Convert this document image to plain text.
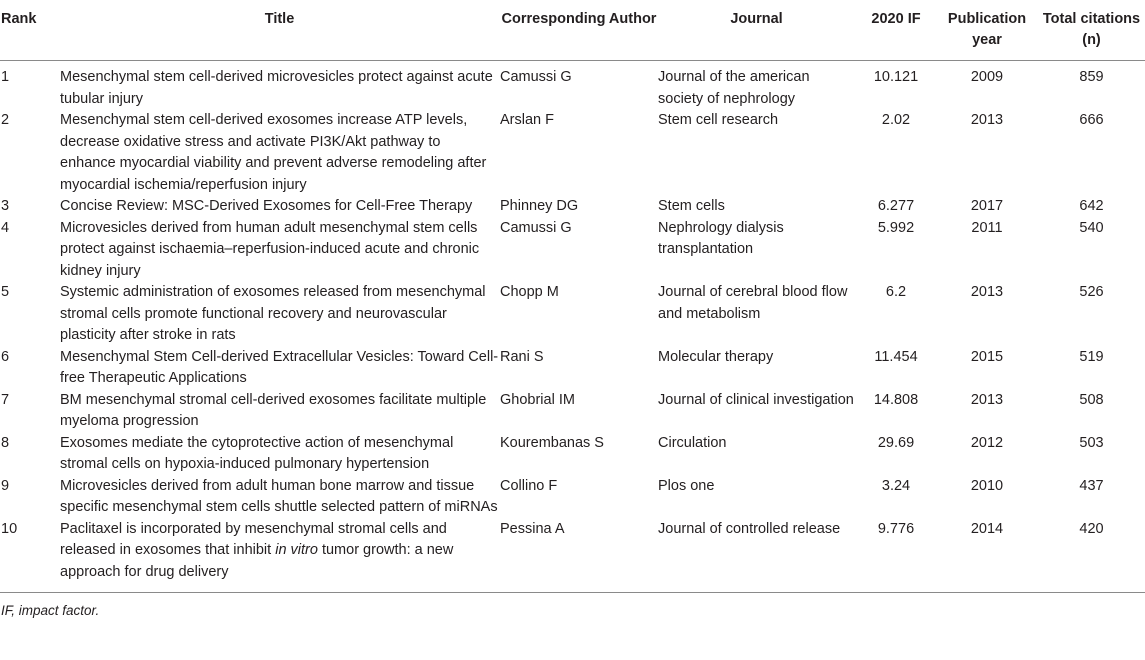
Rank	Title	Corresponding Author	Journal	2020 IF	Publication year	Total citations (n)
1	Mesenchymal stem cell-derived microvesicles protect against acute tubular injury	Camussi G	Journal of the american society of nephrology	10.121	2009	859
2	Mesenchymal stem cell-derived exosomes increase ATP levels, decrease oxidative stress and activate PI3K/Akt pathway to enhance myocardial viability and prevent adverse remodeling after myocardial ischemia/reperfusion injury	Arslan F	Stem cell research	2.02	2013	666
3	Concise Review: MSC-Derived Exosomes for Cell-Free Therapy	Phinney DG	Stem cells	6.277	2017	642
4	Microvesicles derived from human adult mesenchymal stem cells protect against ischaemia–reperfusion-induced acute and chronic kidney injury	Camussi G	Nephrology dialysis transplantation	5.992	2011	540
5	Systemic administration of exosomes released from mesenchymal stromal cells promote functional recovery and neurovascular plasticity after stroke in rats	Chopp M	Journal of cerebral blood flow and metabolism	6.2	2013	526
6	Mesenchymal Stem Cell-derived Extracellular Vesicles: Toward Cell-free Therapeutic Applications	Rani S	Molecular therapy	11.454	2015	519
7	BM mesenchymal stromal cell-derived exosomes facilitate multiple myeloma progression	Ghobrial IM	Journal of clinical investigation	14.808	2013	508
8	Exosomes mediate the cytoprotective action of mesenchymal stromal cells on hypoxia-induced pulmonary hypertension	Kourembanas S	Circulation	29.69	2012	503
9	Microvesicles derived from adult human bone marrow and tissue specific mesenchymal stem cells shuttle selected pattern of miRNAs	Collino F	Plos one	3.24	2010	437
10	Paclitaxel is incorporated by mesenchymal stromal cells and released in exosomes that inhibit in vitro tumor growth: a new approach for drug delivery	Pessina A	Journal of controlled release	9.776	2014	420
IF, impact factor.
